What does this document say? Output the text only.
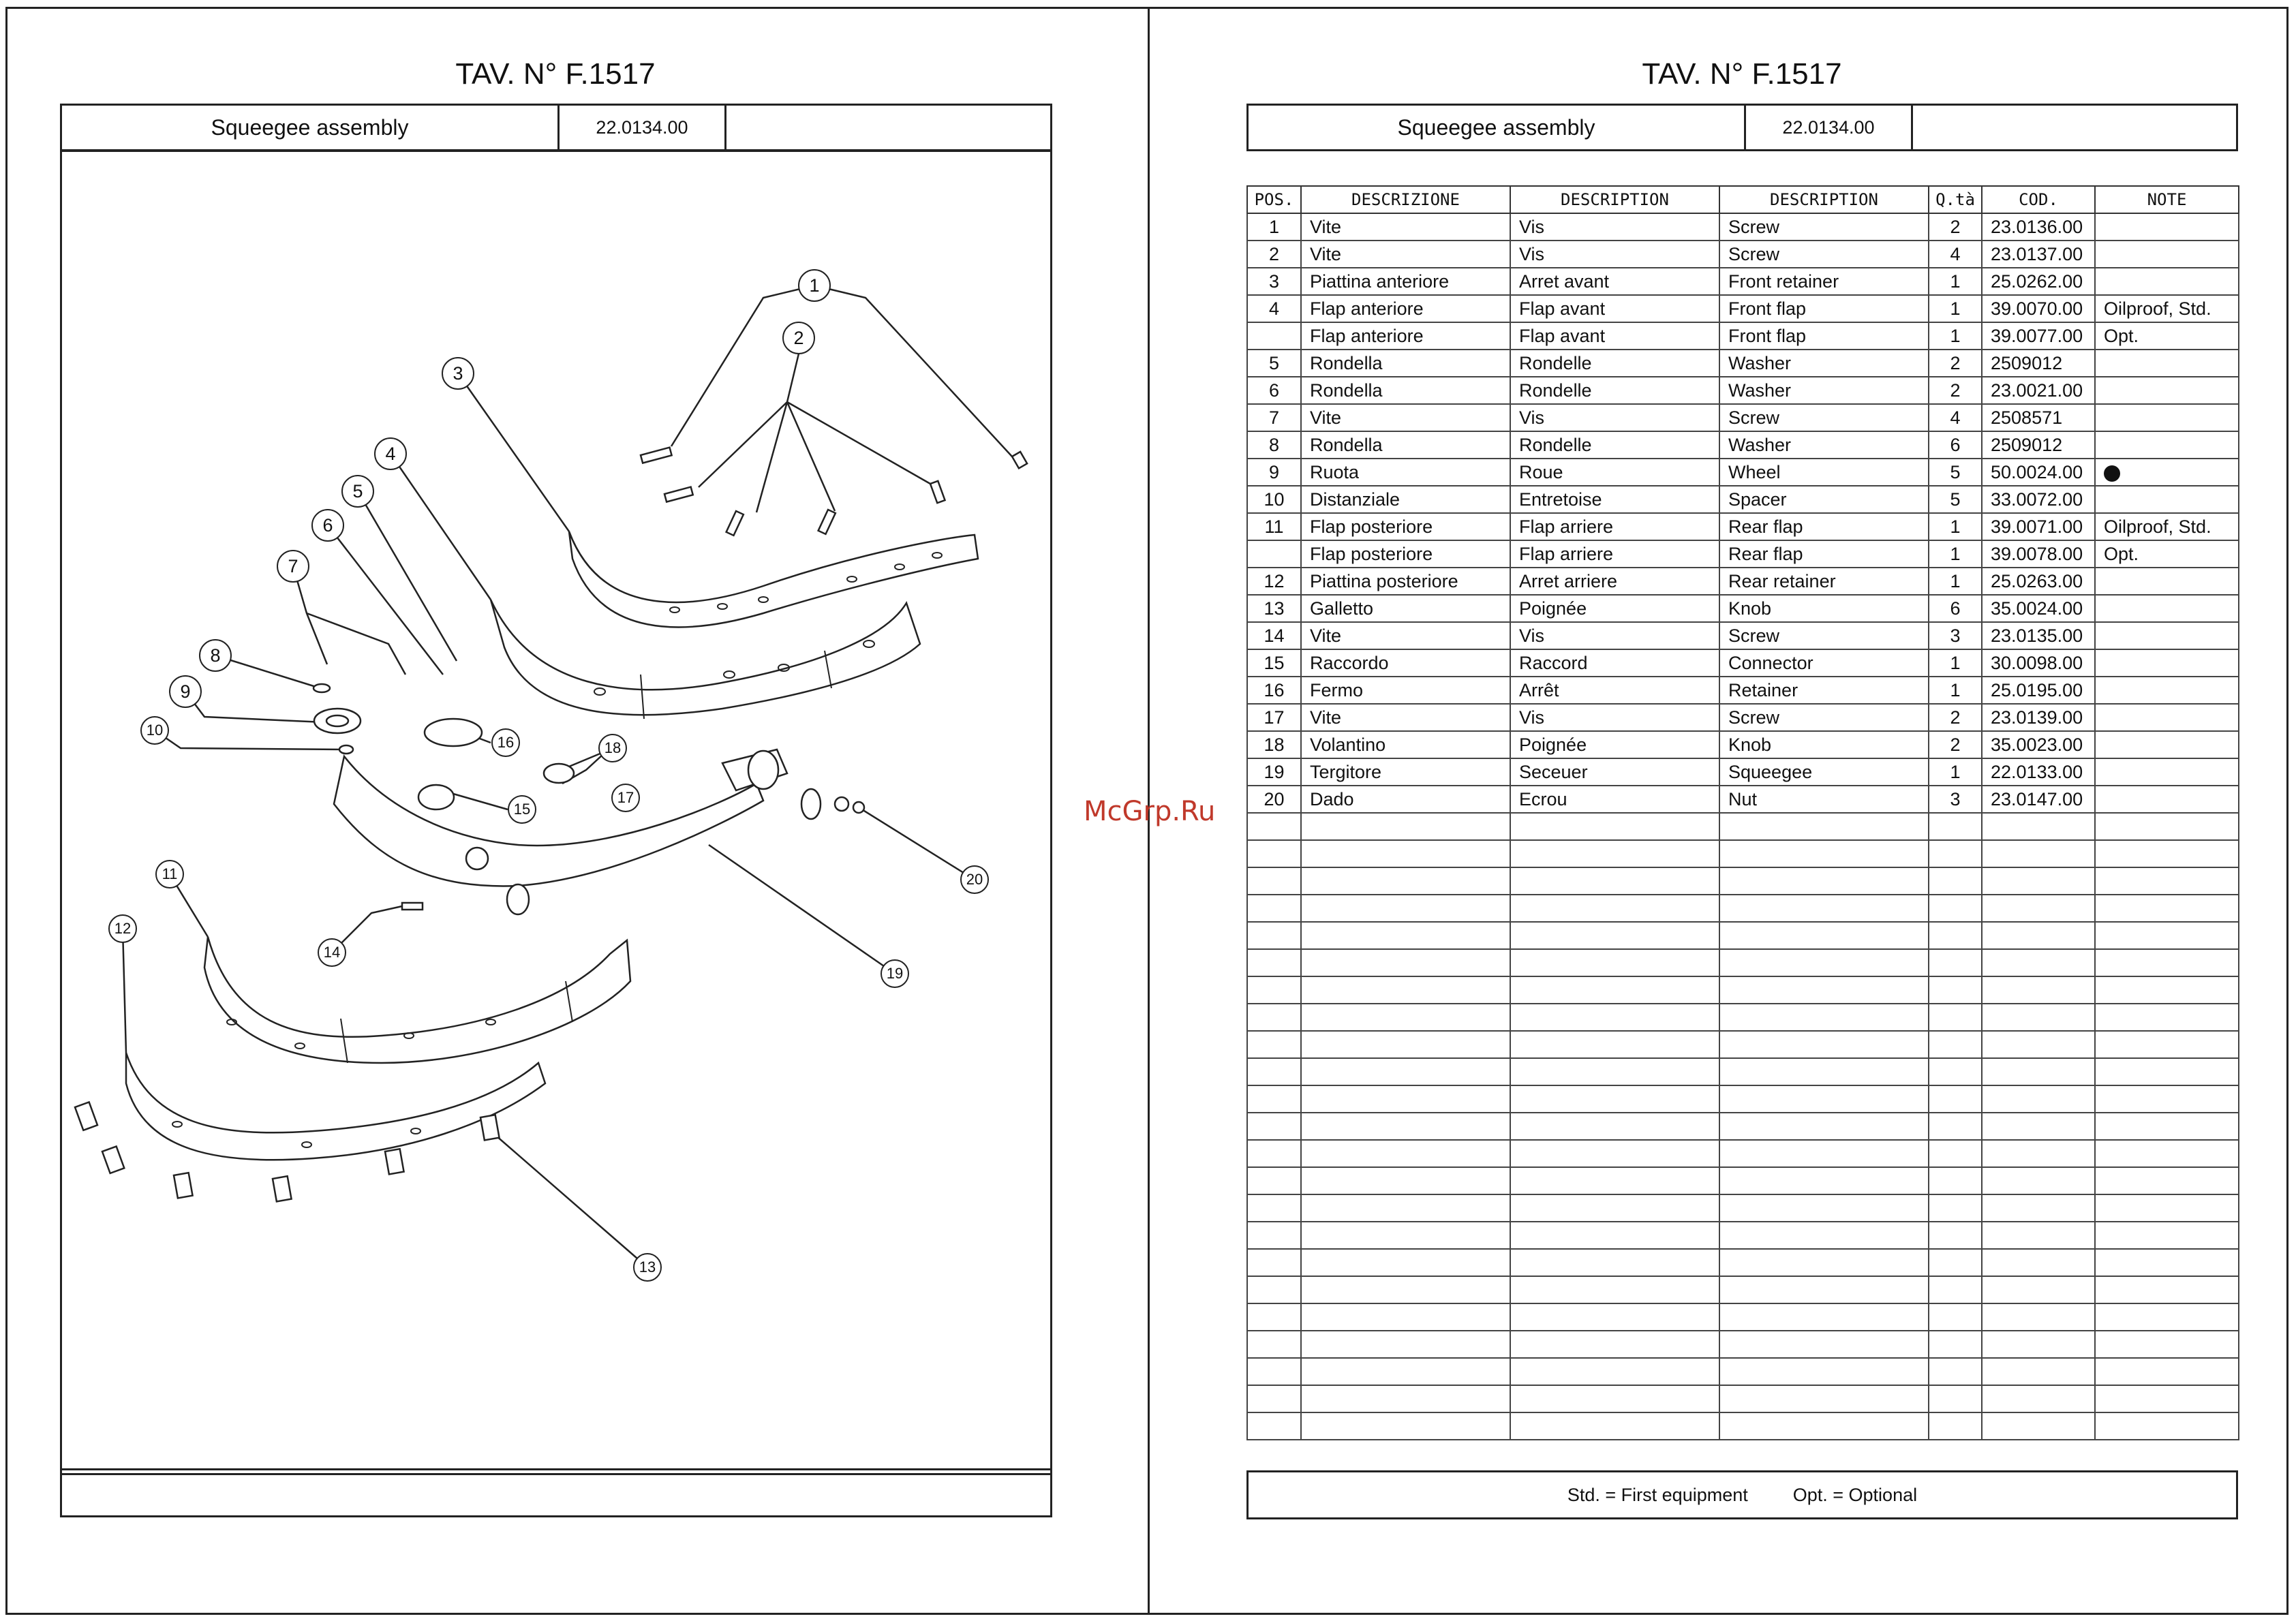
TAV. N° F.1517
Squeegee assembly	22.0134.00
1
2
3
4
5
6
7
8
9
10
11
12
13
14
15
16
17
18
19
20
McGrp.Ru
TAV. N° F.1517
Squeegee assembly	22.0134.00
POS.	DESCRIZIONE	DESCRIPTION	DESCRIPTION	Q.tà	COD.	NOTE
1	Vite	Vis	Screw	2	23.0136.00	
2	Vite	Vis	Screw	4	23.0137.00	
3	Piattina anteriore	Arret avant	Front retainer	1	25.0262.00	
4	Flap anteriore	Flap avant	Front flap	1	39.0070.00	Oilproof, Std.
	Flap anteriore	Flap avant	Front flap	1	39.0077.00	Opt.
5	Rondella	Rondelle	Washer	2	2509012	
6	Rondella	Rondelle	Washer	2	23.0021.00	
7	Vite	Vis	Screw	4	2508571	
8	Rondella	Rondelle	Washer	6	2509012	
9	Ruota	Roue	Wheel	5	50.0024.00	
10	Distanziale	Entretoise	Spacer	5	33.0072.00	
11	Flap posteriore	Flap arriere	Rear flap	1	39.0071.00	Oilproof, Std.
	Flap posteriore	Flap arriere	Rear flap	1	39.0078.00	Opt.
12	Piattina posteriore	Arret arriere	Rear retainer	1	25.0263.00	
13	Galletto	Poignée	Knob	6	35.0024.00	
14	Vite	Vis	Screw	3	23.0135.00	
15	Raccordo	Raccord	Connector	1	30.0098.00	
16	Fermo	Arrêt	Retainer	1	25.0195.00	
17	Vite	Vis	Screw	2	23.0139.00	
18	Volantino	Poignée	Knob	2	35.0023.00	
19	Tergitore	Seceuer	Squeegee	1	22.0133.00	
20	Dado	Ecrou	Nut	3	23.0147.00	

Std. = First equipment Opt. = Optional
